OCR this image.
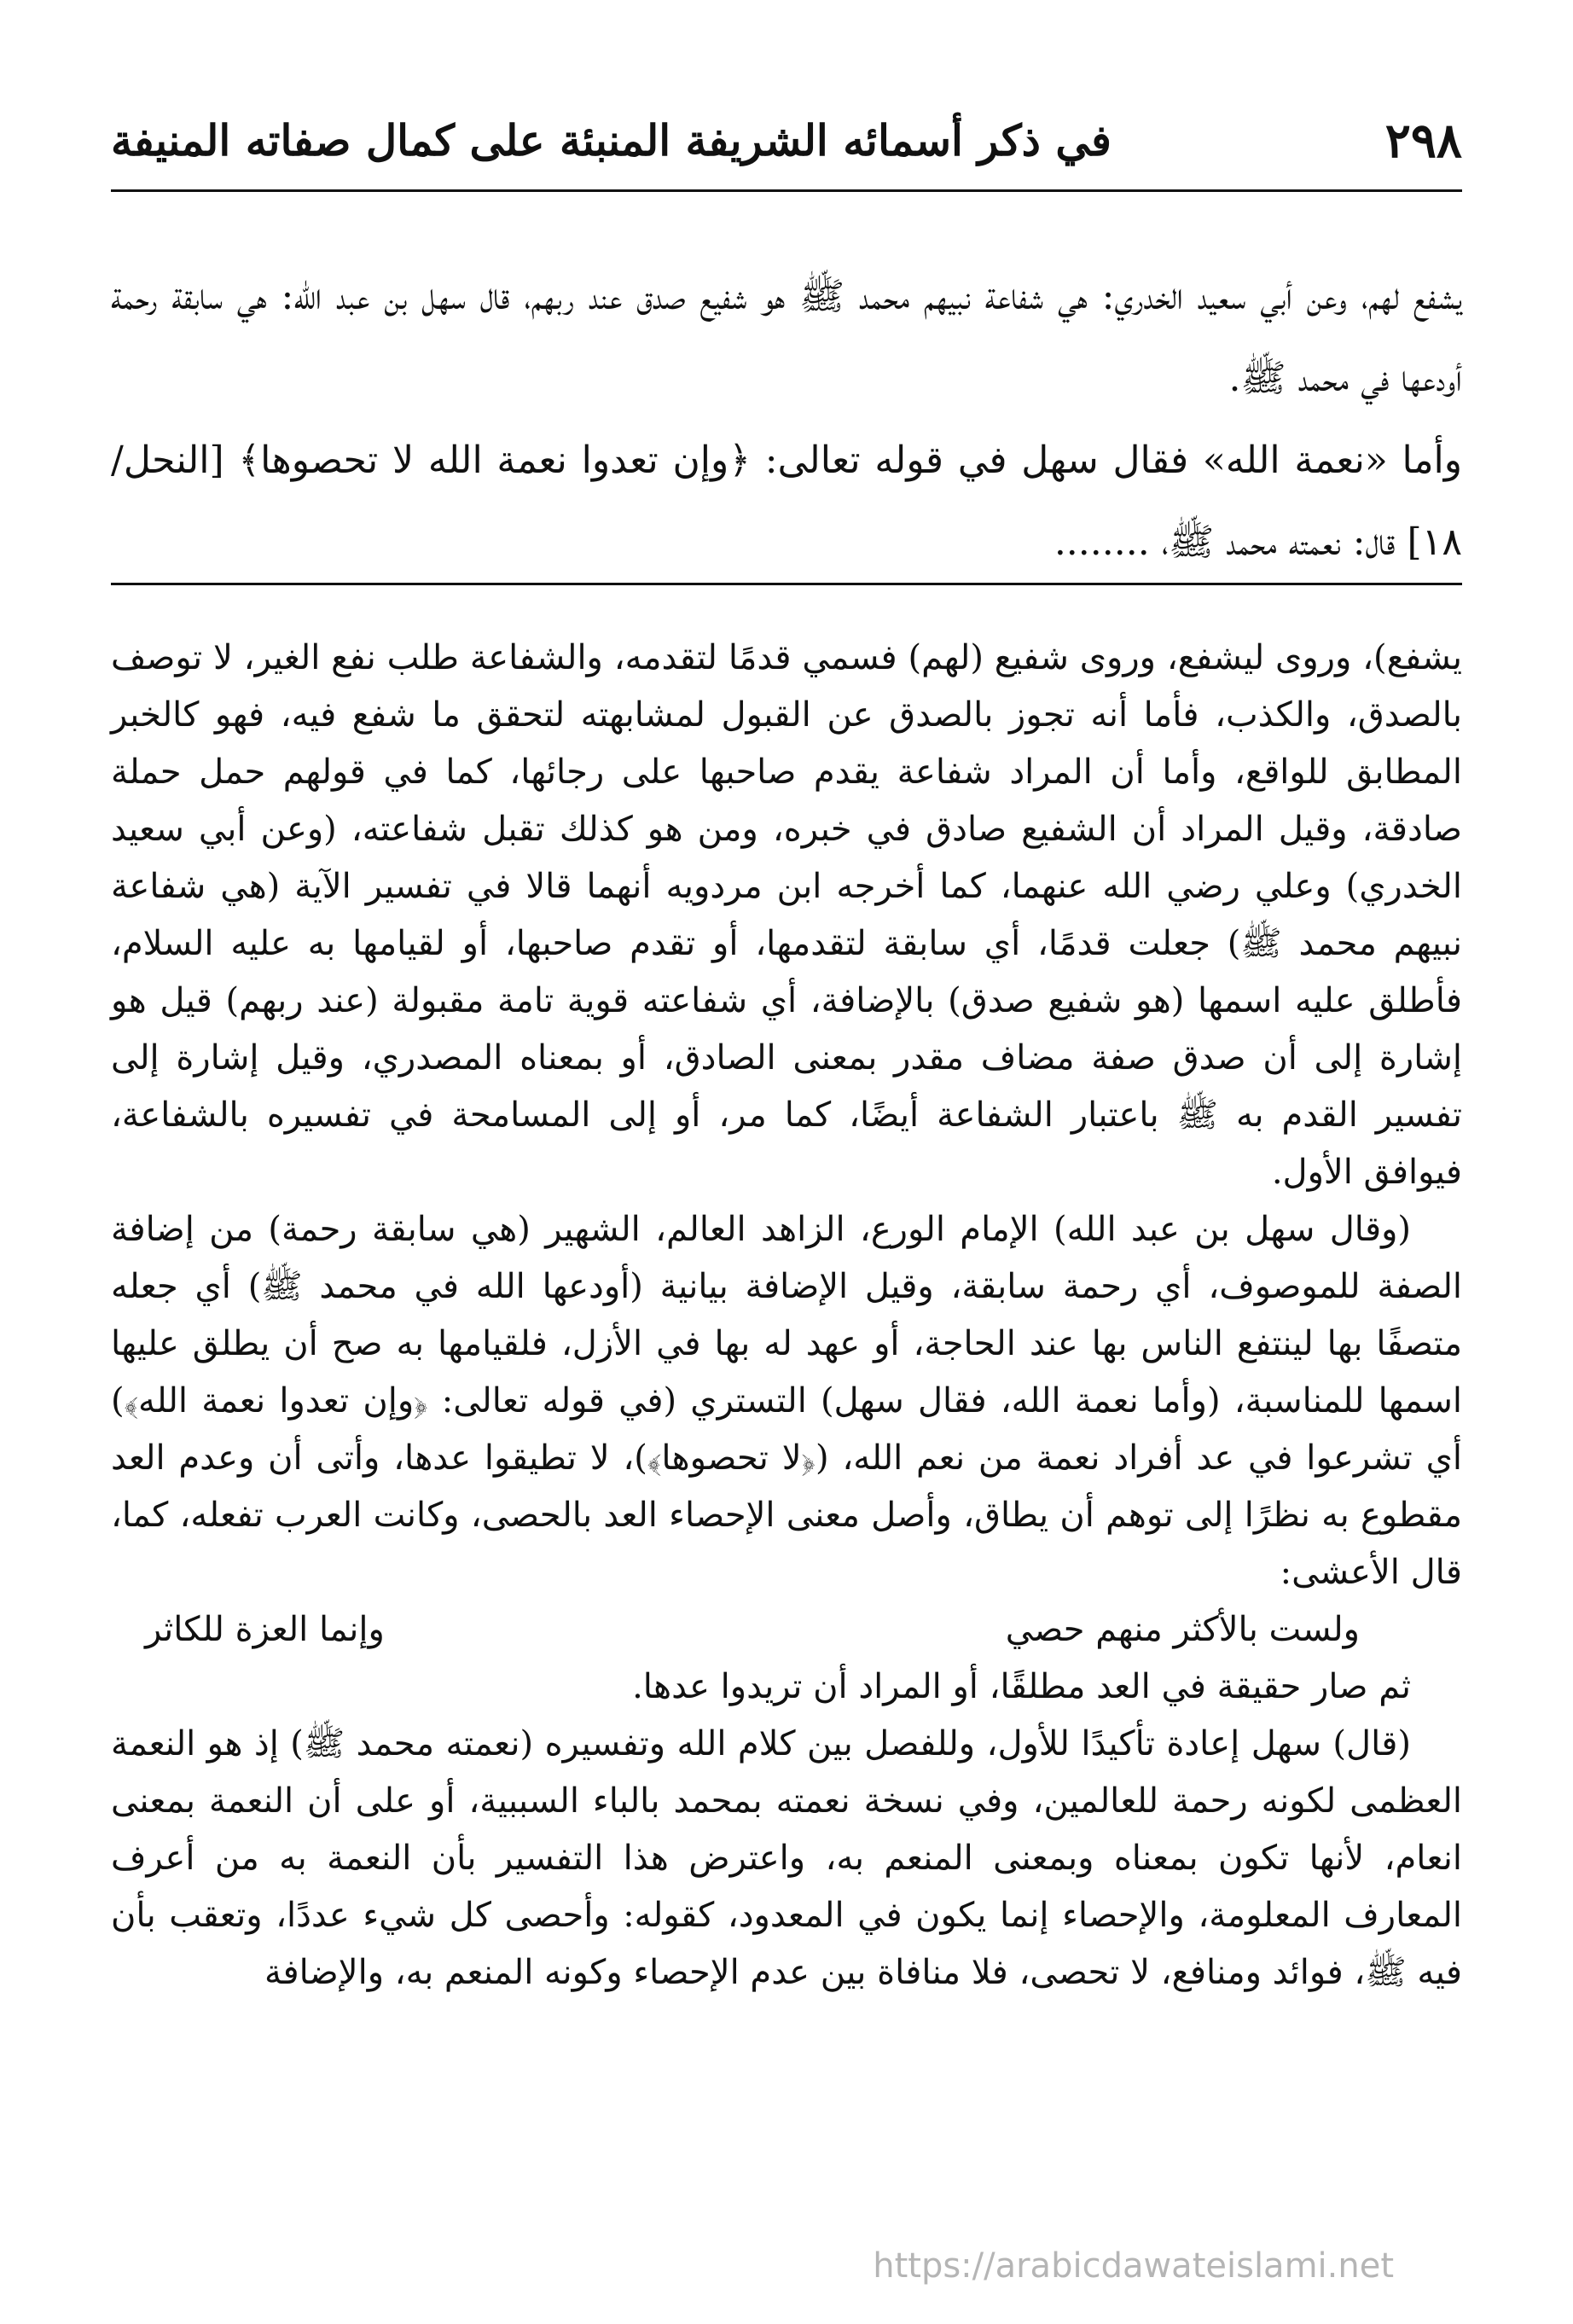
٢٩٨
في ذكر أسمائه الشريفة المنبئة على كمال صفاته المنيفة

يشفع لهم، وعن أبي سعيد الخدري: هي شفاعة نبيهم محمد ﷺ هو شفيع صدق عند ربهم، قال سهل بن عبد الله: هي سابقة رحمة أودعها في محمد ﷺ.

وأما «نعمة الله» فقال سهل في قوله تعالى: ﴿وإن تعدوا نعمة الله لا تحصوها﴾ [النحل/ ١٨] قال: نعمته محمد ﷺ، ........

يشفع)، وروى ليشفع، وروى شفيع (لهم) فسمي قدمًا لتقدمه، والشفاعة طلب نفع الغير، لا توصف بالصدق، والكذب، فأما أنه تجوز بالصدق عن القبول لمشابهته لتحقق ما شفع فيه، فهو كالخبر المطابق للواقع، وأما أن المراد شفاعة يقدم صاحبها على رجائها، كما في قولهم حمل حملة صادقة، وقيل المراد أن الشفيع صادق في خبره، ومن هو كذلك تقبل شفاعته، (وعن أبي سعيد الخدري) وعلي رضي الله عنهما، كما أخرجه ابن مردويه أنهما قالا في تفسير الآية (هي شفاعة نبيهم محمد ﷺ) جعلت قدمًا، أي سابقة لتقدمها، أو تقدم صاحبها، أو لقيامها به عليه السلام، فأطلق عليه اسمها (هو شفيع صدق) بالإضافة، أي شفاعته قوية تامة مقبولة (عند ربهم) قيل هو إشارة إلى أن صدق صفة مضاف مقدر بمعنى الصادق، أو بمعناه المصدري، وقيل إشارة إلى تفسير القدم به ﷺ باعتبار الشفاعة أيضًا، كما مر، أو إلى المسامحة في تفسيره بالشفاعة، فيوافق الأول.

(وقال سهل بن عبد الله) الإمام الورع، الزاهد العالم، الشهير (هي سابقة رحمة) من إضافة الصفة للموصوف، أي رحمة سابقة، وقيل الإضافة بيانية (أودعها الله في محمد ﷺ) أي جعله متصفًا بها لينتفع الناس بها عند الحاجة، أو عهد له بها في الأزل، فلقيامها به صح أن يطلق عليها اسمها للمناسبة، (وأما نعمة الله، فقال سهل) التستري (في قوله تعالى: ﴿وإن تعدوا نعمة الله﴾) أي تشرعوا في عد أفراد نعمة من نعم الله، (﴿لا تحصوها﴾)، لا تطيقوا عدها، وأتى أن وعدم العد مقطوع به نظرًا إلى توهم أن يطاق، وأصل معنى الإحصاء العد بالحصى، وكانت العرب تفعله، كما، قال الأعشى:

ولست بالأكثر منهم حصي
وإنما العزة للكاثر

ثم صار حقيقة في العد مطلقًا، أو المراد أن تريدوا عدها.

(قال) سهل إعادة تأكيدًا للأول، وللفصل بين كلام الله وتفسيره (نعمته محمد ﷺ) إذ هو النعمة العظمى لكونه رحمة للعالمين، وفي نسخة نعمته بمحمد بالباء السببية، أو على أن النعمة بمعنى انعام، لأنها تكون بمعناه وبمعنى المنعم به، واعترض هذا التفسير بأن النعمة به من أعرف المعارف المعلومة، والإحصاء إنما يكون في المعدود، كقوله: وأحصى كل شيء عددًا، وتعقب بأن فيه ﷺ، فوائد ومنافع، لا تحصى، فلا منافاة بين عدم الإحصاء وكونه المنعم به، والإضافة

https://arabicdawateislami.net
